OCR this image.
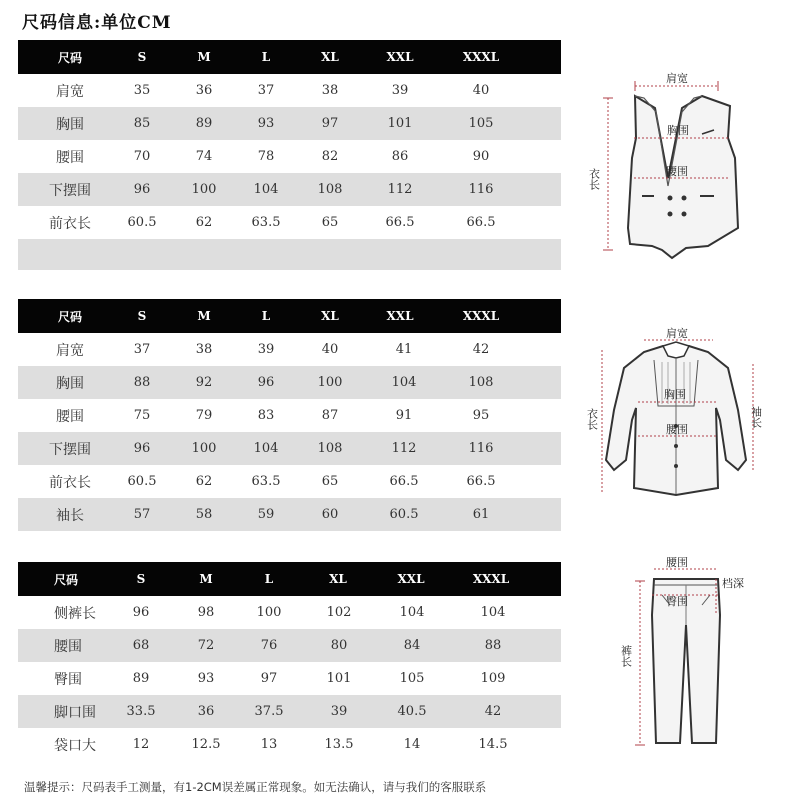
尺码信息:单位CM
尺码	S	M	L	XL	XXL	XXXL
肩宽	35	36	37	38	39	40
胸围	85	89	93	97	101	105
腰围	70	74	78	82	86	90
下摆围	96	100	104	108	112	116
前衣长	60.5	62	63.5	65	66.5	66.5
尺码	S	M	L	XL	XXL	XXXL
肩宽	37	38	39	40	41	42
胸围	88	92	96	100	104	108
腰围	75	79	83	87	91	95
下摆围	96	100	104	108	112	116
前衣长	60.5	62	63.5	65	66.5	66.5
袖长	57	58	59	60	60.5	61
尺码	S	M	L	XL	XXL	XXXL
侧裤长	96	98	100	102	104	104
腰围	68	72	76	80	84	88
臀围	89	93	97	101	105	109
脚口围 33.5	36	37.5	39	40.5	42
袋口大	12	12.5	13	13.5	14	14.5
肩宽
胸围
腰围
衣长
肩宽
胸围
腰围
衣长	袖长
腰围
臀围
档深
裤长
温馨提示：尺码表手工测量，有1-2CM误差属正常现象。如无法确认，请与我们的客服联系
